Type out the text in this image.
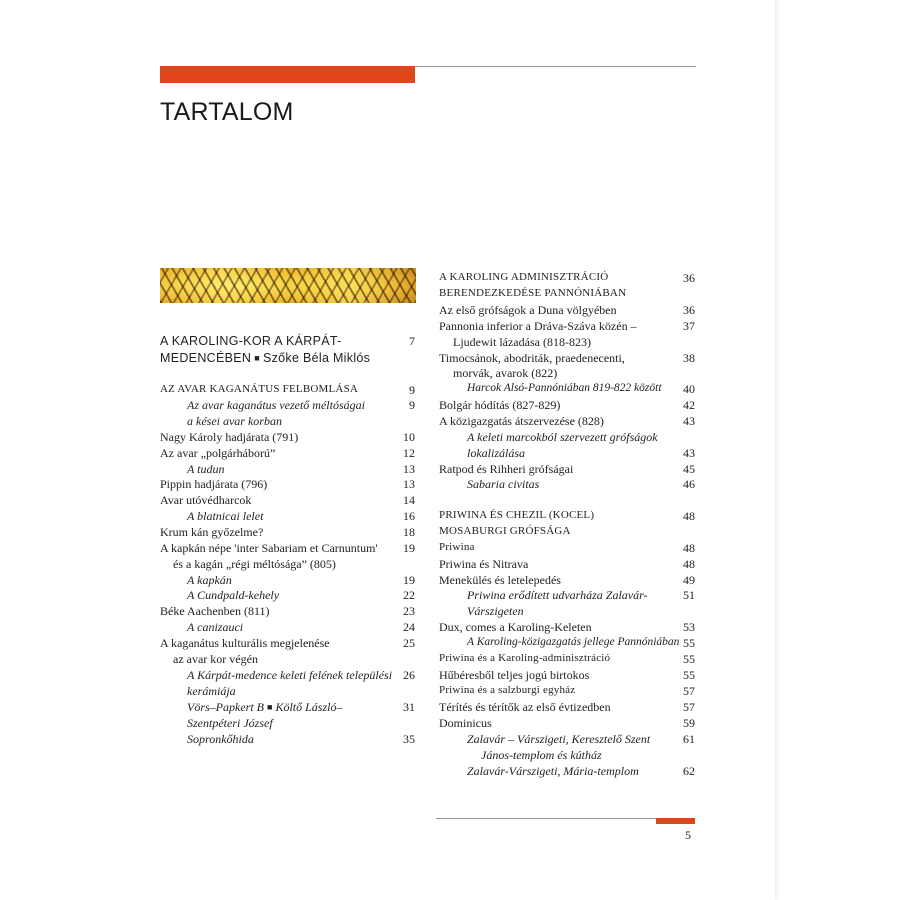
TARTALOM
A KAROLING-KOR A KÁRPÁT-	7
MEDENCÉBEN ■ Szőke Béla Miklós
AZ AVAR KAGANÁTUS FELBOMLÁSA	9
Az avar kaganátus vezető méltóságai	9
a kései avar korban
Nagy Károly hadjárata (791)	10
Az avar „polgárháború”	12
A tudun	13
Pippin hadjárata (796)	13
Avar utóvédharcok	14
A blatnicai lelet	16
Krum kán győzelme?	18
A kapkán népe 'inter Sabariam et Carnuntum' 19
és a kagán „régi méltósága” (805)
A kapkán	19
A Cundpald-kehely	22
Béke Aachenben (811)	23
A canizauci	24
A kaganátus kulturális megjelenése	25
az avar kor végén
A Kárpát-medence keleti felének települési 26
kerámiája
Vörs–Papkert B ■ Költő László–	31
Szentpéteri József
Sopronkőhida	35
A KAROLING ADMINISZTRÁCIÓ	36
BERENDEZKEDÉSE PANNÓNIÁBAN
Az első grófságok a Duna völgyében	36
Pannonia inferior a Dráva-Száva közén –	37
Ljudewit lázadása (818-823)
Timocsánok, abodriták, praedenecenti,	38
morvák, avarok (822)
Harcok Alsó-Pannóniában 819-822 között 40
Bolgár hódítás (827-829)	42
A közigazgatás átszervezése (828)	43
A keleti marcokból szervezett grófságok
lokalizálása	43
Ratpod és Rihheri grófságai	45
Sabaria civitas	46
PRIWINA ÉS CHEZIL (KOCEL)	48
MOSABURGI GRÓFSÁGA
Priwina	48
Priwina és Nitrava	48
Menekülés és letelepedés	49
Priwina erődített udvarháza Zalavár-	51
Várszigeten
Dux, comes a Karoling-Keleten	53
A Karoling-közigazgatás jellege Pannóniában 55
Priwina és a Karoling-adminisztráció	55
Hűbéresből teljes jogú birtokos	55
Priwina és a salzburgi egyház	57
Térítés és térítők az első évtizedben	57
Dominicus	59
Zalavár – Várszigeti, Keresztelő Szent	61
János-templom és kútház
Zalavár-Várszigeti, Mária-templom	62
5
